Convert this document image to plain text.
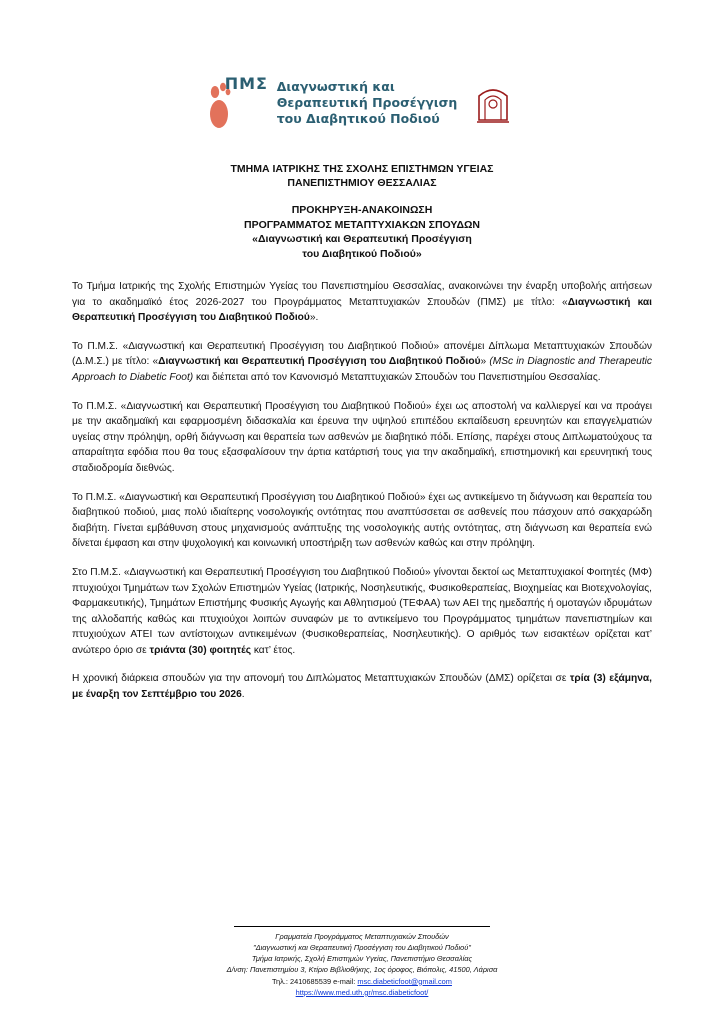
ΠΜΣ Διαγνωστική και
Θεραπευτική Προσέγγιση
του Διαβητικού Ποδιού
ΤΜΗΜΑ ΙΑΤΡΙΚΗΣ ΤΗΣ ΣΧΟΛΗΣ ΕΠΙΣΤΗΜΩΝ ΥΓΕΙΑΣ
ΠΑΝΕΠΙΣΤΗΜΙΟΥ ΘΕΣΣΑΛΙΑΣ
ΠΡΟΚΗΡΥΞΗ-ΑΝΑΚΟΙΝΩΣΗ
ΠΡΟΓΡΑΜΜΑΤΟΣ ΜΕΤΑΠΤΥΧΙΑΚΩΝ ΣΠΟΥΔΩΝ
«Διαγνωστική και Θεραπευτική Προσέγγιση
του Διαβητικού Ποδιού»

Το Τμήμα Ιατρικής της Σχολής Επιστημών Υγείας του Πανεπιστημίου Θεσσαλίας, ανακοινώνει την έναρξη υποβολής αιτήσεων για το ακαδημαϊκό έτος 2026-2027 του Προγράμματος Μεταπτυχιακών Σπουδών (ΠΜΣ) με τίτλο: «Διαγνωστική και Θεραπευτική Προσέγγιση του Διαβητικού Ποδιού».

Το Π.Μ.Σ. «Διαγνωστική και Θεραπευτική Προσέγγιση του Διαβητικού Ποδιού» απονέμει Δίπλωμα Μεταπτυχιακών Σπουδών (Δ.Μ.Σ.) με τίτλο: «Διαγνωστική και Θεραπευτική Προσέγγιση του Διαβητικού Ποδιού» (MSc in Diagnostic and Therapeutic Approach to Diabetic Foot) και διέπεται από τον Κανονισμό Μεταπτυχιακών Σπουδών του Πανεπιστημίου Θεσσαλίας.

Το Π.Μ.Σ. «Διαγνωστική και Θεραπευτική Προσέγγιση του Διαβητικού Ποδιού» έχει ως αποστολή να καλλιεργεί και να προάγει με την ακαδημαϊκή και εφαρμοσμένη διδασκαλία και έρευνα την υψηλού επιπέδου εκπαίδευση ερευνητών και επαγγελματιών υγείας στην πρόληψη, ορθή διάγνωση και θεραπεία των ασθενών με διαβητικό πόδι. Επίσης, παρέχει στους Διπλωματούχους τα απαραίτητα εφόδια που θα τους εξασφαλίσουν την άρτια κατάρτισή τους για την ακαδημαϊκή, επιστημονική και ερευνητική τους σταδιοδρομία διεθνώς.

Το Π.Μ.Σ. «Διαγνωστική και Θεραπευτική Προσέγγιση του Διαβητικού Ποδιού» έχει ως αντικείμενο τη διάγνωση και θεραπεία του διαβητικού ποδιού, μιας πολύ ιδιαίτερης νοσολογικής οντότητας που αναπτύσσεται σε ασθενείς που πάσχουν από σακχαρώδη διαβήτη. Γίνεται εμβάθυνση στους μηχανισμούς ανάπτυξης της νοσολογικής αυτής οντότητας, στη διάγνωση και θεραπεία ενώ δίνεται έμφαση και στην ψυχολογική και κοινωνική υποστήριξη των ασθενών καθώς και στην πρόληψη.

Στο Π.Μ.Σ. «Διαγνωστική και Θεραπευτική Προσέγγιση του Διαβητικού Ποδιού» γίνονται δεκτοί ως Μεταπτυχιακοί Φοιτητές (ΜΦ) πτυχιούχοι Τμημάτων των Σχολών Επιστημών Υγείας (Ιατρικής, Νοσηλευτικής, Φυσικοθεραπείας, Βιοχημείας και Βιοτεχνολογίας, Φαρμακευτικής), Τμημάτων Επιστήμης Φυσικής Αγωγής και Αθλητισμού (ΤΕΦΑΑ) των ΑΕΙ της ημεδαπής ή ομοταγών ιδρυμάτων της αλλοδαπής καθώς και πτυχιούχοι λοιπών συναφών με το αντικείμενο του Προγράμματος τμημάτων πανεπιστημίων και πτυχιούχων ΑΤΕΙ των αντίστοιχων αντικειμένων (Φυσικοθεραπείας, Νοσηλευτικής). Ο αριθμός των εισακτέων ορίζεται κατ’ ανώτερο όριο σε τριάντα (30) φοιτητές κατ’ έτος.

Η χρονική διάρκεια σπουδών για την απονομή του Διπλώματος Μεταπτυχιακών Σπουδών (ΔΜΣ) ορίζεται σε τρία (3) εξάμηνα, με έναρξη τον Σεπτέμβριο του 2026.

Γραμματεία Προγράμματος Μεταπτυχιακών Σπουδών
"Διαγνωστική και Θεραπευτική Προσέγγιση του Διαβητικού Ποδιού"
Τμήμα Ιατρικής, Σχολή Επιστημών Υγείας, Πανεπιστήμιο Θεσσαλίας
Δ/νση: Πανεπιστημίου 3, Κτίριο Βιβλιοθήκης, 1ος όροφος, Βιόπολις, 41500, Λάρισα
Τηλ.: 2410685539 e-mail: msc.diabeticfoot@gmail.com
https://www.med.uth.gr/msc.diabeticfoot/
